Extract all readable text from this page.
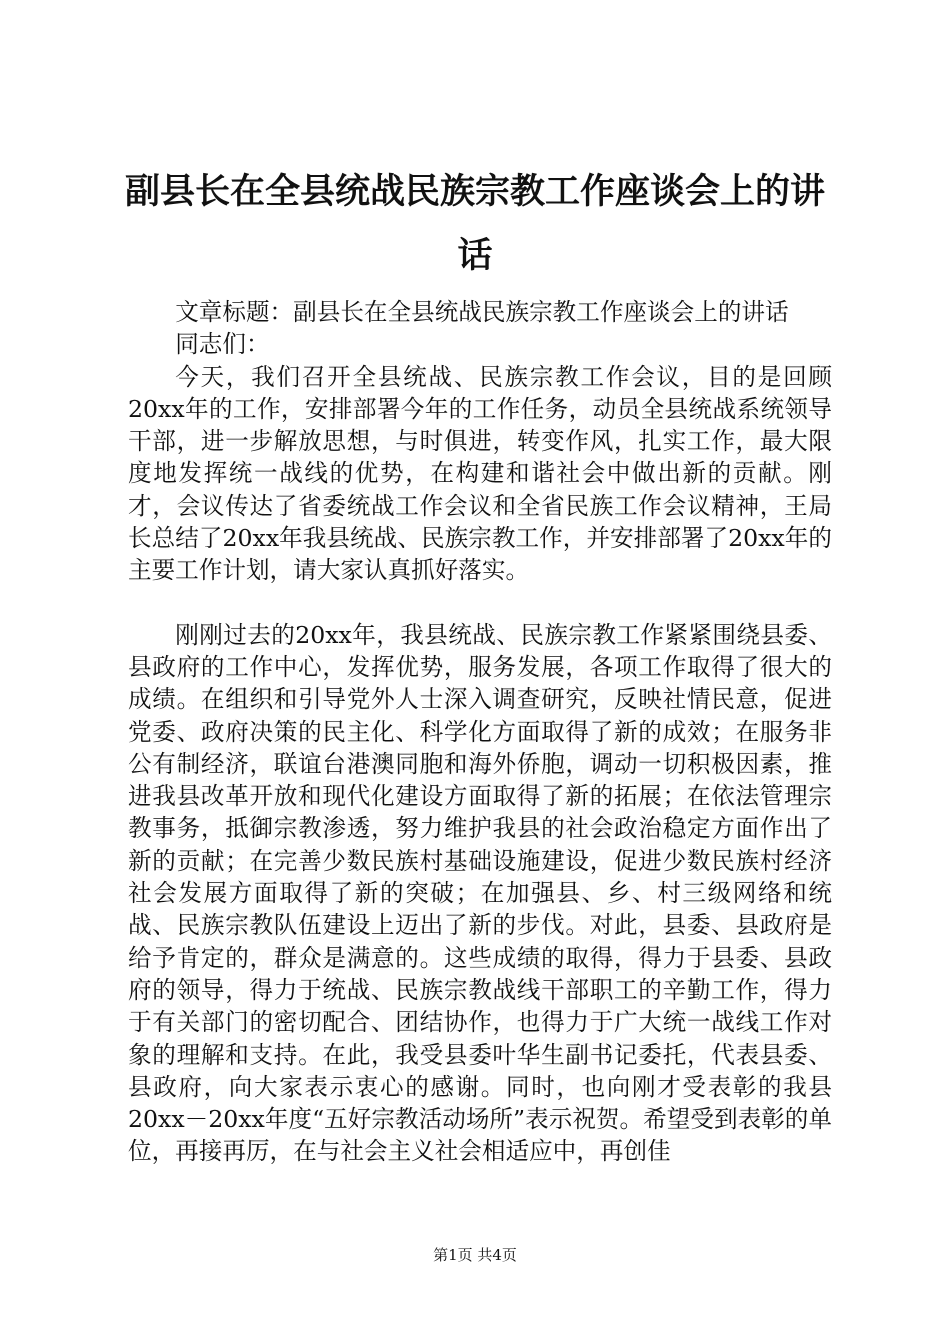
副县长在全县统战民族宗教工作座谈会上的讲话

文章标题：副县长在全县统战民族宗教工作座谈会上的讲话

同志们：

今天，我们召开全县统战、民族宗教工作会议，目的是回顾20xx年的工作，安排部署今年的工作任务，动员全县统战系统领导干部，进一步解放思想，与时俱进，转变作风，扎实工作，最大限度地发挥统一战线的优势，在构建和谐社会中做出新的贡献。刚才，会议传达了省委统战工作会议和全省民族工作会议精神，王局长总结了20xx年我县统战、民族宗教工作，并安排部署了20xx年的主要工作计划，请大家认真抓好落实。

刚刚过去的20xx年，我县统战、民族宗教工作紧紧围绕县委、县政府的工作中心，发挥优势，服务发展，各项工作取得了很大的成绩。在组织和引导党外人士深入调查研究，反映社情民意，促进党委、政府决策的民主化、科学化方面取得了新的成效；在服务非公有制经济，联谊台港澳同胞和海外侨胞，调动一切积极因素，推进我县改革开放和现代化建设方面取得了新的拓展；在依法管理宗教事务，抵御宗教渗透，努力维护我县的社会政治稳定方面作出了新的贡献；在完善少数民族村基础设施建设，促进少数民族村经济社会发展方面取得了新的突破；在加强县、乡、村三级网络和统战、民族宗教队伍建设上迈出了新的步伐。对此，县委、县政府是给予肯定的，群众是满意的。这些成绩的取得，得力于县委、县政府的领导，得力于统战、民族宗教战线干部职工的辛勤工作，得力于有关部门的密切配合、团结协作，也得力于广大统一战线工作对象的理解和支持。在此，我受县委叶华生副书记委托，代表县委、县政府，向大家表示衷心的感谢。同时，也向刚才受表彰的我县20xx－20xx年度“五好宗教活动场所”表示祝贺。希望受到表彰的单位，再接再厉，在与社会主义社会相适应中，再创佳

第1页 共4页
